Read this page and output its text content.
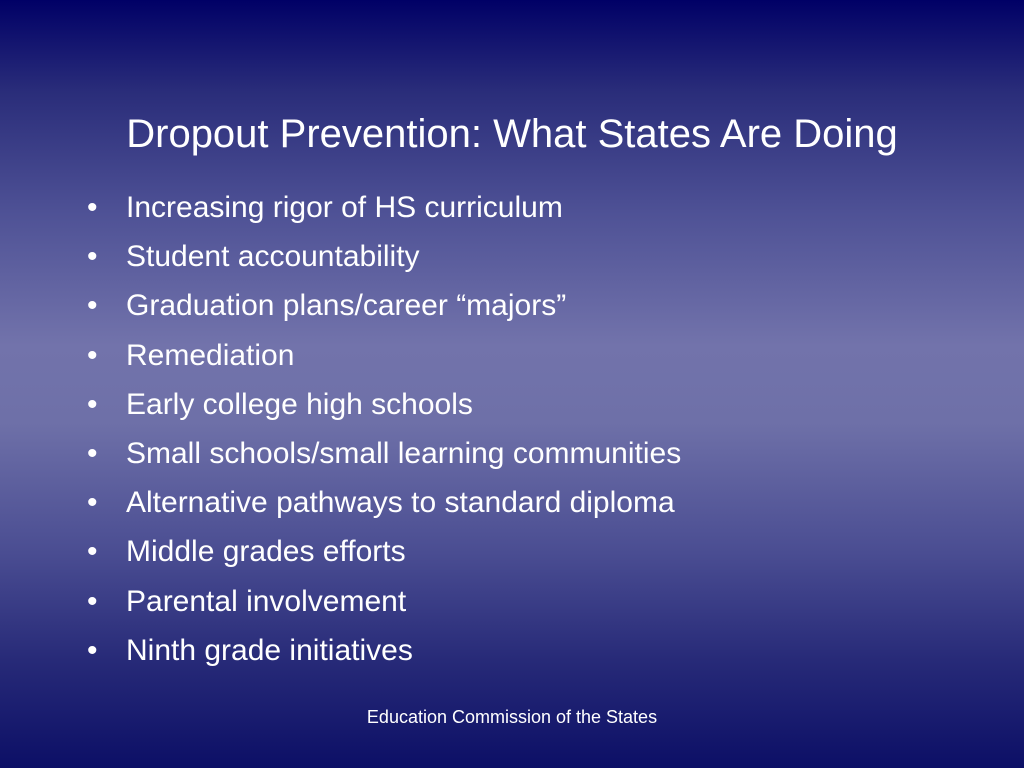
Dropout Prevention: What States Are Doing
• Increasing rigor of HS curriculum
• Student accountability
• Graduation plans/career “majors”
• Remediation
• Early college high schools
• Small schools/small learning communities
• Alternative pathways to standard diploma
• Middle grades efforts
• Parental involvement
• Ninth grade initiatives
Education Commission of the States
